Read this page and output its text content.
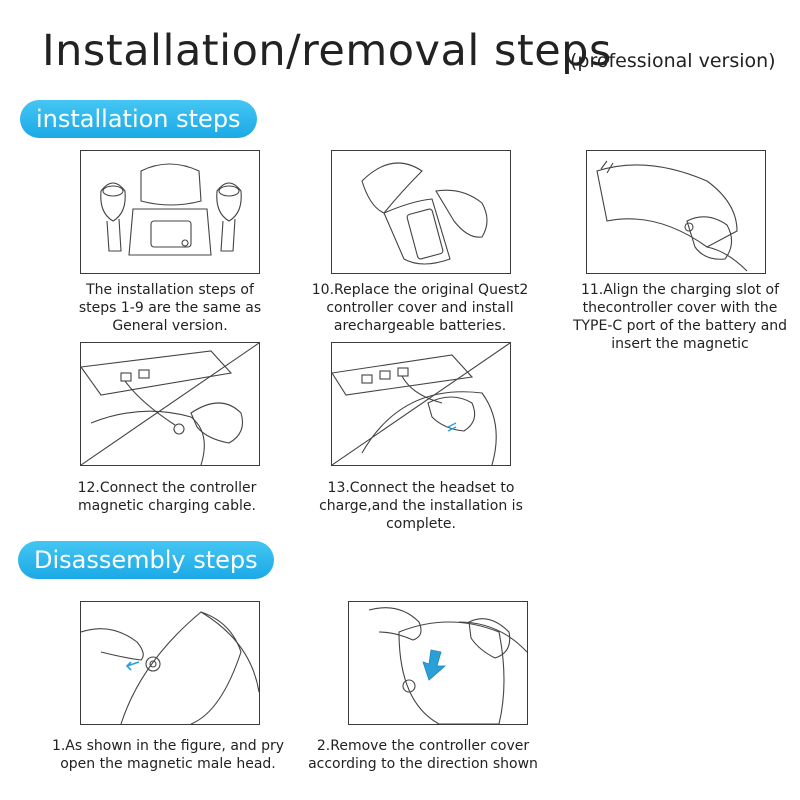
Installation/removal steps
(professional version)
installation steps
The installation steps of steps 1-9 are the same as General version.
10.Replace the original Quest2 controller cover and install arechargeable batteries.
11.Align the charging slot of thecontroller cover with the TYPE-C port of the battery and insert the magnetic
12.Connect the controller magnetic charging cable.
13.Connect the headset to charge,and the installation is complete.
Disassembly steps
1.As shown in the figure, and pry open the magnetic male head.
2.Remove the controller cover according to the direction shown
